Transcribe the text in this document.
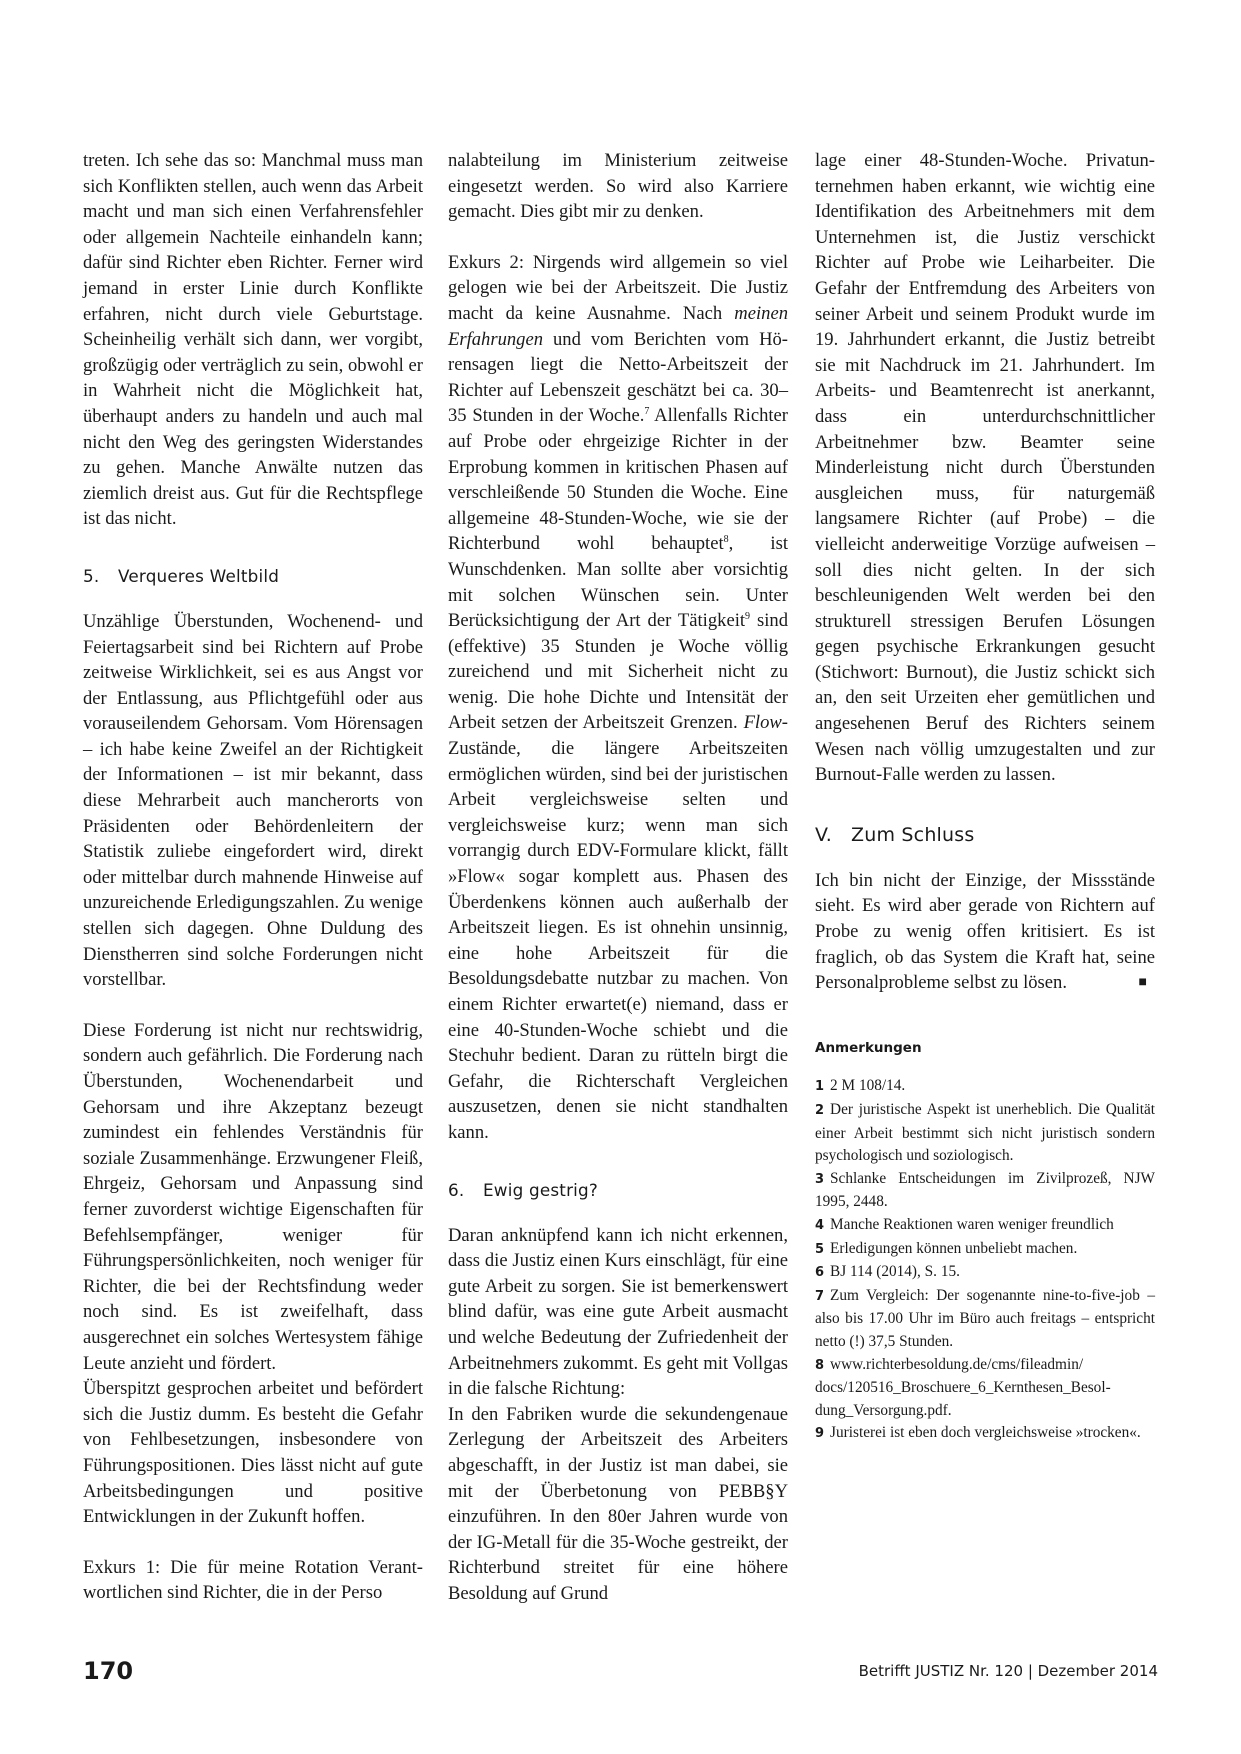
treten. Ich sehe das so: Manchmal muss man sich Konflikten stellen, auch wenn das Arbeit macht und man sich einen Verfahrensfehler oder allgemein Nachteile einhandeln kann; dafür sind Richter eben Richter. Ferner wird jemand in erster Linie durch Konflikte erfahren, nicht durch viele Geburtstage. Scheinheilig verhält sich dann, wer vorgibt, großzügig oder verträglich zu sein, obwohl er in Wahrheit nicht die Möglichkeit hat, überhaupt anders zu handeln und auch mal nicht den Weg des geringsten Widerstandes zu gehen. Manche Anwälte nutzen das ziemlich dreist aus. Gut für die Rechtspflege ist das nicht.

5. Verqueres Weltbild

Unzählige Überstunden, Wochenend- und Feiertagsarbeit sind bei Richtern auf Probe zeitweise Wirklichkeit, sei es aus Angst vor der Entlassung, aus Pflichtgefühl oder aus vorauseilendem Gehorsam. Vom Hörensagen – ich habe keine Zweifel an der Richtigkeit der Informationen – ist mir bekannt, dass diese Mehrarbeit auch mancherorts von Präsidenten oder Behördenleitern der Statistik zuliebe eingefordert wird, direkt oder mittelbar durch mahnende Hinweise auf unzureichende Erledigungszahlen. Zu wenige stellen sich dagegen. Ohne Duldung des Dienstherren sind solche Forderungen nicht vorstellbar.

Diese Forderung ist nicht nur rechtswidrig, sondern auch gefährlich. Die Forderung nach Überstunden, Wochenendarbeit und Gehorsam und ihre Akzeptanz bezeugt zumindest ein fehlendes Verständnis für soziale Zusammenhänge. Erzwungener Fleiß, Ehrgeiz, Gehorsam und Anpassung sind ferner zuvorderst wichtige Eigenschaften für Befehlsempfänger, weniger für Führungspersönlichkeiten, noch weniger für Richter, die bei der Rechtsfindung weder noch sind. Es ist zweifelhaft, dass ausgerechnet ein solches Wertesystem fähige Leute anzieht und fördert.

Überspitzt gesprochen arbeitet und befördert sich die Justiz dumm. Es besteht die Gefahr von Fehlbesetzungen, insbesondere von Führungspositionen. Dies lässt nicht auf gute Arbeitsbedingungen und positive Entwicklungen in der Zukunft hoffen.

Exkurs 1: Die für meine Rotation Verantwortlichen sind Richter, die in der Perso

nalabteilung im Ministerium zeitweise eingesetzt werden. So wird also Karriere gemacht. Dies gibt mir zu denken.

Exkurs 2: Nirgends wird allgemein so viel gelogen wie bei der Arbeitszeit. Die Justiz macht da keine Ausnahme. Nach meinen Erfahrungen und vom Berichten vom Hörensagen liegt die Netto-Arbeitszeit der Richter auf Lebenszeit geschätzt bei ca. 30–35 Stunden in der Woche.$^7$ Allenfalls Richter auf Probe oder ehrgeizige Richter in der Erprobung kommen in kritischen Phasen auf verschleißende 50 Stunden die Woche. Eine allgemeine 48-Stunden-Woche, wie sie der Richterbund wohl behauptet$^8$, ist Wunschdenken. Man sollte aber vorsichtig mit solchen Wünschen sein. Unter Berücksichtigung der Art der Tätigkeit$^9$ sind (effektive) 35 Stunden je Woche völlig zureichend und mit Sicherheit nicht zu wenig. Die hohe Dichte und Intensität der Arbeit setzen der Arbeitszeit Grenzen. Flow-Zustände, die längere Arbeitszeiten ermöglichen würden, sind bei der juristischen Arbeit vergleichsweise selten und vergleichsweise kurz; wenn man sich vorrangig durch EDV-Formulare klickt, fällt »Flow« sogar komplett aus. Phasen des Überdenkens können auch außerhalb der Arbeitszeit liegen. Es ist ohnehin unsinnig, eine hohe Arbeitszeit für die Besoldungsdebatte nutzbar zu machen. Von einem Richter erwartet(e) niemand, dass er eine 40-Stunden-Woche schiebt und die Stechuhr bedient. Daran zu rütteln birgt die Gefahr, die Richterschaft Vergleichen auszusetzen, denen sie nicht standhalten kann.

6. Ewig gestrig?

Daran anknüpfend kann ich nicht erkennen, dass die Justiz einen Kurs einschlägt, für eine gute Arbeit zu sorgen. Sie ist bemerkenswert blind dafür, was eine gute Arbeit ausmacht und welche Bedeutung der Zufriedenheit der Arbeitnehmers zukommt. Es geht mit Vollgas in die falsche Richtung:

In den Fabriken wurde die sekundengenaue Zerlegung der Arbeitszeit des Arbeiters abgeschafft, in der Justiz ist man dabei, sie mit der Überbetonung von PEBB§Y einzuführen. In den 80er Jahren wurde von der IG-Metall für die 35-Woche gestreikt, der Richterbund streitet für eine höhere Besoldung auf Grund

lage einer 48-Stunden-Woche. Privatunternehmen haben erkannt, wie wichtig eine Identifikation des Arbeitnehmers mit dem Unternehmen ist, die Justiz verschickt Richter auf Probe wie Leiharbeiter. Die Gefahr der Entfremdung des Arbeiters von seiner Arbeit und seinem Produkt wurde im 19. Jahrhundert erkannt, die Justiz betreibt sie mit Nachdruck im 21. Jahrhundert. Im Arbeits- und Beamtenrecht ist anerkannt, dass ein unterdurchschnittlicher Arbeitnehmer bzw. Beamter seine Minderleistung nicht durch Überstunden ausgleichen muss, für naturgemäß langsamere Richter (auf Probe) – die vielleicht anderweitige Vorzüge aufweisen – soll dies nicht gelten. In der sich beschleunigenden Welt werden bei den strukturell stressigen Berufen Lösungen gegen psychische Erkrankungen gesucht (Stichwort: Burnout), die Justiz schickt sich an, den seit Urzeiten eher gemütlichen und angesehenen Beruf des Richters seinem Wesen nach völlig umzugestalten und zur Burnout-Falle werden zu lassen.

V. Zum Schluss

Ich bin nicht der Einzige, der Missstände sieht. Es wird aber gerade von Richtern auf Probe zu wenig offen kritisiert. Es ist fraglich, ob das System die Kraft hat, seine Personalprobleme selbst zu lösen.	■

Anmerkungen

1 2 M 108/14.

2 Der juristische Aspekt ist unerheblich. Die Qualität einer Arbeit bestimmt sich nicht juristisch sondern psychologisch und soziologisch.

3 Schlanke Entscheidungen im Zivilprozeß, NJW 1995, 2448.

4 Manche Reaktionen waren weniger freundlich

5 Erledigungen können unbeliebt machen.

6 BJ 114 (2014), S. 15.

7 Zum Vergleich: Der sogenannte nine-to-five-job – also bis 17.00 Uhr im Büro auch freitags – entspricht netto (!) 37,5 Stunden.

8 www.richterbesoldung.de/cms/fileadmin/ docs/120516_Broschuere_6_Kernthesen_Besoldung_Versorgung.pdf.

9 Juristerei ist eben doch vergleichsweise »trocken«.

170	Betrifft JUSTIZ Nr. 120 | Dezember 2014
